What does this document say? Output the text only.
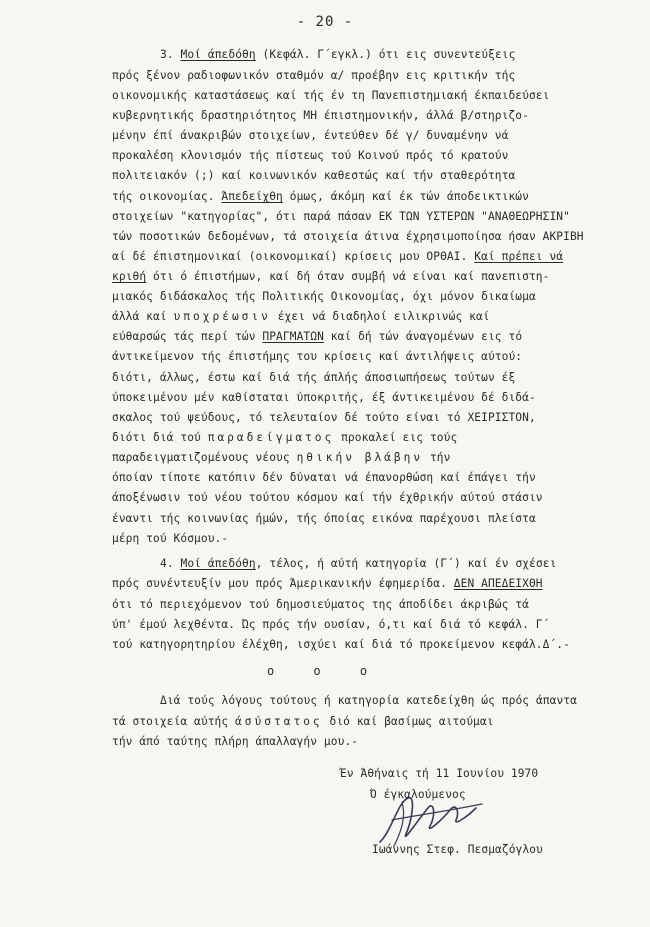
- 20 -
3. Μοί άπεδόθη (Κεφάλ. Γ΄εγκλ.) ότι εις συνεντεύξεις
πρός ξένον ραδιοφωνικόν σταθμόν α/ προέβην εις κριτικήν τής
οικονομικής καταστάσεως καί τής έν τη Πανεπιστημιακή έκπαιδεύσει
κυβερνητικής δραστηριότητος ΜΗ έπιστημονικήν, άλλά β/στηριζο-
μένην έπί άνακριβών στοιχείων, έντεύθεν δέ γ/ δυναμένην νά
προκαλέση κλονισμόν τής πίστεως τού Κοινού πρός τό κρατούν
πολιτειακόν (;) καί κοινωνικόν καθεστώς καί τήν σταθερότητα
τής οικονομίας. Άπεδείχθη όμως, άκόμη καί έκ τών άποδεικτικών
στοιχείων "κατηγορίας", ότι παρά πάσαν ΕΚ ΤΩΝ ΥΣΤΕΡΩΝ "ΑΝΑΘΕΩΡΗΣΙΝ"
τών ποσοτικών δεδομένων, τά στοιχεία άτινα έχρησιμοποίησα ήσαν ΑΚΡΙΒΗ
αί δέ έπιστημονικαί (οικονομικαί) κρίσεις μου ΟΡΘΑΙ. Καί πρέπει νά
κριθή ότι ό έπιστήμων, καί δή όταν συμβή νά είναι καί πανεπιστη-
μιακός διδάσκαλος τής Πολιτικής Οικονομίας, όχι μόνον δικαίωμα
άλλά καί υποχρέωσιν έχει νά διαδηλοί ειλικρινώς καί
εύθαρσώς τάς περί τών ΠΡΑΓΜΑΤΩΝ καί δή τών άναγομένων εις τό
άντικείμενον τής έπιστήμης του κρίσεις καί άντιλήψεις αύτού:
διότι, άλλως, έστω καί διά τής άπλής άποσιωπήσεως τούτων έξ
ύποκειμένου μέν καθίσταται ύποκριτής, έξ άντικειμένου δέ διδά-
σκαλος τού ψεύδους, τό τελευταίον δέ τούτο είναι τό ΧΕΙΡΙΣΤΟΝ,
διότι διά τού παραδείγματος προκαλεί εις τούς
παραδειγματιζομένους νέους ηθικήν βλάβην τήν
όποίαν τίποτε κατόπιν δέν δύναται νά έπανορθώση καί έπάγει τήν
άποξένωσιν τού νέου τούτου κόσμου καί τήν έχθρικήν αύτού στάσιν
έναντι τής κοινωνίας ήμών, τής όποίας εικόνα παρέχουσι πλείστα
μέρη τού Κόσμου.-
4. Μοί άπεδόθη, τέλος, ή αύτή κατηγορία (Γ΄) καί έν σχέσει
πρός συνέντευξίν μου πρός Άμερικανικήν έφημερίδα. ΔΕΝ ΑΠΕΔΕΙΧΘΗ
ότι τό περιεχόμενον τού δημοσιεύματος της άποδίδει άκριβώς τά
ύπ' έμού λεχθέντα. Ώς πρός τήν ουσίαν, ό,τι καί διά τό κεφάλ. Γ΄
τού κατηγορητηρίου έλέχθη, ισχύει καί διά τό προκείμενον κεφάλ.Δ΄.-
Διά τούς λόγους τούτους ή κατηγορία κατεδείχθη ώς πρός άπαντα
τά στοιχεία αύτής άσύστατος διό καί βασίμως αιτούμαι
τήν άπό ταύτης πλήρη άπαλλαγήν μου.-
Έν Άθήναις τή 11 Ιουνίου 1970
Ό έγκαλούμενος
Ιωάννης Στεφ. Πεσμαζόγλου
ο ο ο
